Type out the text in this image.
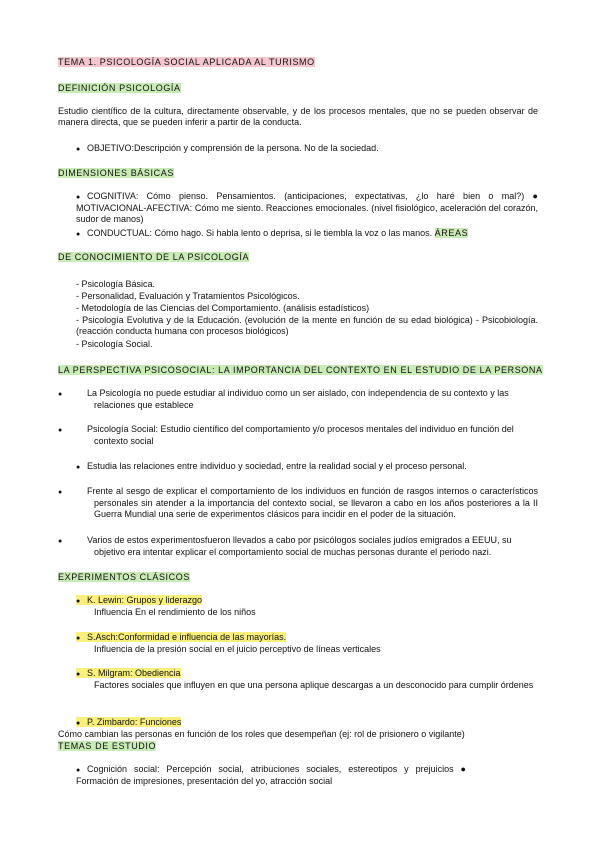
TEMA 1. PSICOLOGÍA SOCIAL APLICADA AL TURISMO
DEFINICIÓN PSICOLOGÍA
Estudio científico de la cultura, directamente observable, y de los procesos mentales, que no se pueden observar de manera directa, que se pueden inferir a partir de la conducta.
● OBJETIVO:Descripción y comprensión de la persona. No de la sociedad.
DIMENSIONES BÁSICAS
● COGNITIVA: Cómo pienso. Pensamientos. (anticipaciones, expectativas, ¿lo haré bien o mal?) ● MOTIVACIONAL-AFECTIVA: Cómo me siento. Reacciones emocionales. (nivel fisiológico, aceleración del corazón, sudor de manos)
● CONDUCTUAL: Cómo hago. Si habla lento o deprisa, si le tiembla la voz o las manos. ÁREAS
DE CONOCIMIENTO DE LA PSICOLOGÍA
- Psicología Básica.
- Personalidad, Evaluación y Tratamientos Psicológicos.
- Metodología de las Ciencias del Comportamiento. (análisis estadísticos)
- Psicología Evolutiva y de la Educación. (evolución de la mente en función de su edad biológica) - Psicobiología. (reacción conducta humana con procesos biológicos)
- Psicología Social.
LA PERSPECTIVA PSICOSOCIAL: LA IMPORTANCIA DEL CONTEXTO EN EL ESTUDIO DE LA PERSONA
●	La Psicología no puede estudiar al individuo como un ser aislado, con independencia de su contexto y las relaciones que establece
●	Psicología Social: Estudio científico del comportamiento y/o procesos mentales del individuo en función del contexto social
● Estudia las relaciones entre individuo y sociedad, entre la realidad social y el proceso personal.
●	Frente al sesgo de explicar el comportamiento de los individuos en función de rasgos internos o característicos personales sin atender a la importancia del contexto social, se llevaron a cabo en los años posteriores a la II Guerra Mundial una serie de experimentos clásicos para incidir en el poder de la situación.
●	Varios de estos experimentosfueron llevados a cabo por psicólogos sociales judíos emigrados a EEUU, su objetivo era intentar explicar el comportamiento social de muchas personas durante el periodo nazi.
EXPERIMENTOS CLÁSICOS
● K. Lewin: Grupos y liderazgo
Influencia En el rendimiento de los niños
● S.Asch:Conformidad e influencia de las mayorías.
Influencia de la presión social en el juicio perceptivo de líneas verticales
● S. Milgram: Obediencia
Factores sociales que influyen en que una persona aplique descargas a un desconocido para cumplir órdenes
● P. Zimbardo: Funciones
Cómo cambian las personas en función de los roles que desempeñan (ej: rol de prisionero o vigilante)
TEMAS DE ESTUDIO
● Cognición social: Percepción social, atribuciones sociales, estereotipos y prejuicios ● Formación de impresiones, presentación del yo, atracción social
